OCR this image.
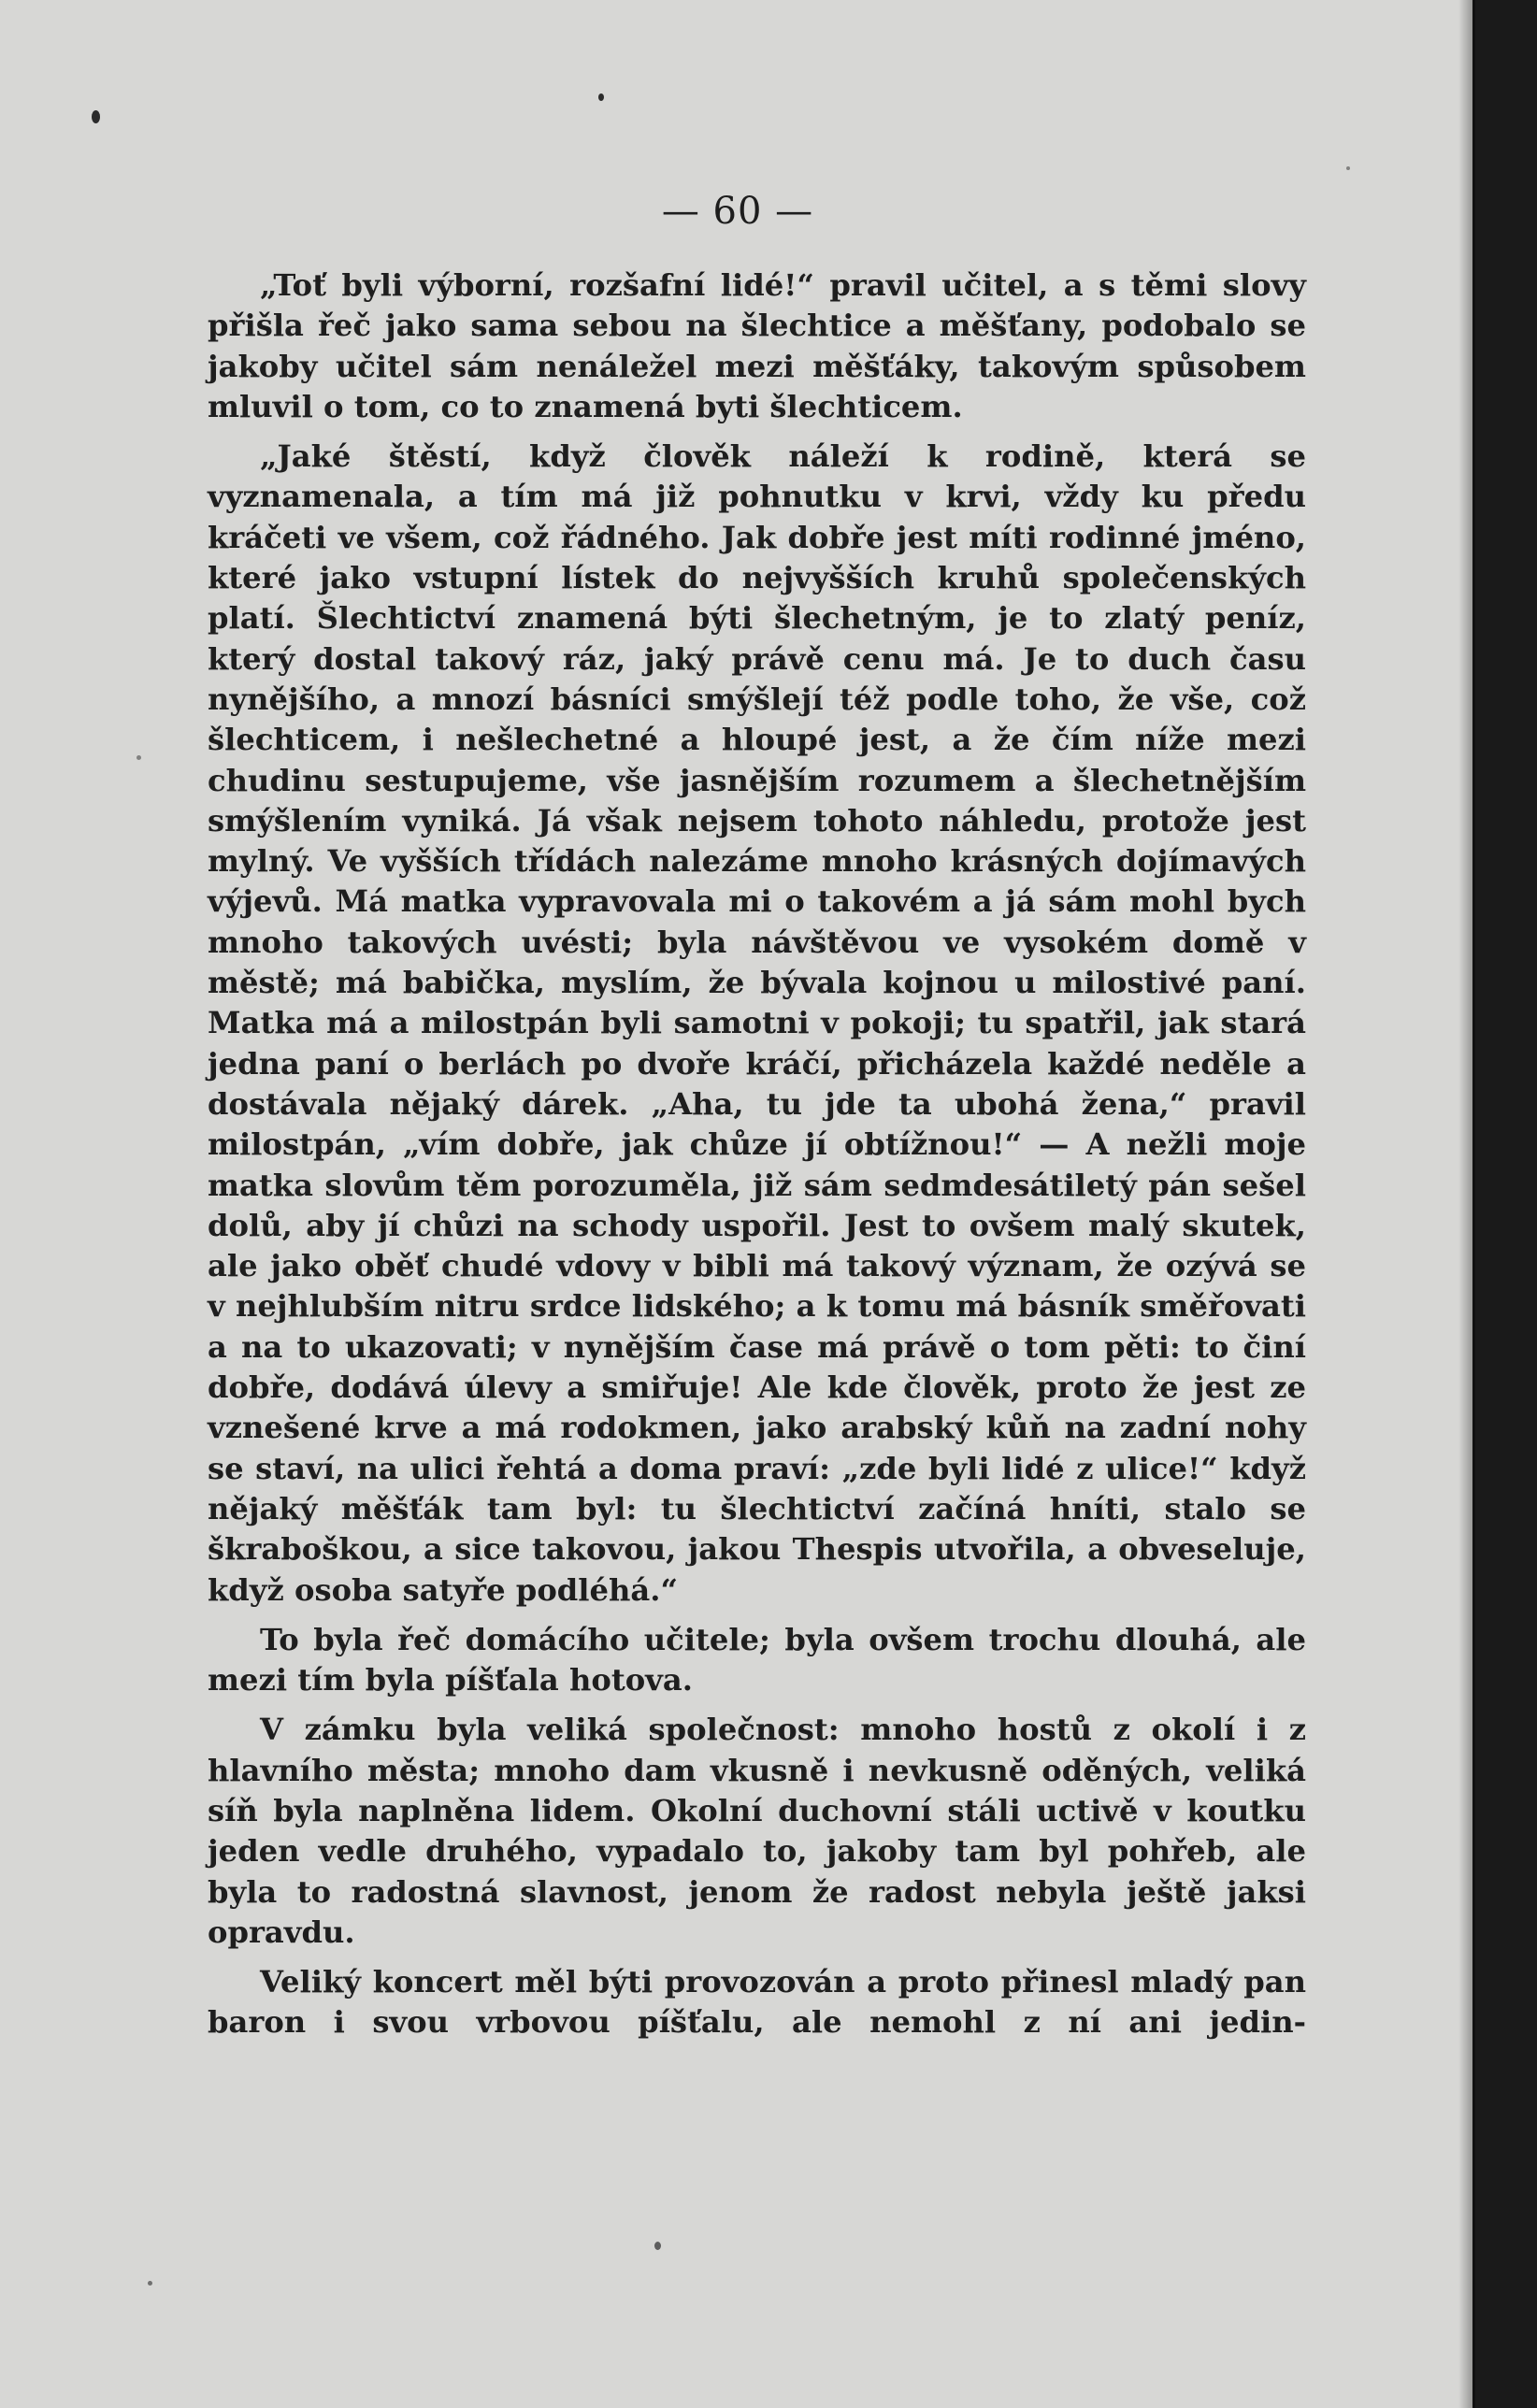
— 60 —

„Toť byli výborní, rozšafní lidé!“ pravil učitel, a s těmi slovy přišla řeč jako sama sebou na šlechtice a měšťany, podobalo se jakoby učitel sám nenáležel mezi měšťáky, takovým spůsobem mluvil o tom, co to znamená byti šlechticem.

„Jaké štěstí, když člověk náleží k rodině, která se vyznamenala, a tím má již pohnutku v krvi, vždy ku předu kráčeti ve všem, což řádného. Jak dobře jest míti rodinné jméno, které jako vstupní lístek do nejvyšších kruhů společenských platí. Šlechtictví znamená býti šlechetným, je to zlatý peníz, který dostal takový ráz, jaký právě cenu má. Je to duch času nynějšího, a mnozí básníci smýšlejí též podle toho, že vše, což šlechticem, i nešlechetné a hloupé jest, a že čím níže mezi chudinu sestupujeme, vše jasnějším rozumem a šlechetnějším smýšlením vyniká. Já však nejsem tohoto náhledu, protože jest mylný. Ve vyšších třídách nalezáme mnoho krásných dojímavých výjevů. Má matka vypravovala mi o takovém a já sám mohl bych mnoho takových uvésti; byla návštěvou ve vysokém domě v městě; má babička, myslím, že bývala kojnou u milostivé paní. Matka má a milostpán byli samotni v pokoji; tu spatřil, jak stará jedna paní o berlách po dvoře kráčí, přicházela každé neděle a dostávala nějaký dárek. „Aha, tu jde ta ubohá žena,“ pravil milostpán, „vím dobře, jak chůze jí obtížnou!“ — A nežli moje matka slovům těm porozuměla, již sám sedmdesátiletý pán sešel dolů, aby jí chůzi na schody uspořil. Jest to ovšem malý skutek, ale jako oběť chudé vdovy v bibli má takový význam, že ozývá se v nejhlubším nitru srdce lidského; a k tomu má básník směřovati a na to ukazovati; v nynějším čase má právě o tom pěti: to činí dobře, dodává úlevy a smiřuje! Ale kde člověk, proto že jest ze vznešené krve a má rodokmen, jako arabský kůň na zadní nohy se staví, na ulici řehtá a doma praví: „zde byli lidé z ulice!“ když nějaký měšťák tam byl: tu šlechtictví začíná hníti, stalo se škraboškou, a sice takovou, jakou Thespis utvořila, a obveseluje, když osoba satyře podléhá.“

To byla řeč domácího učitele; byla ovšem trochu dlouhá, ale mezi tím byla píšťala hotova.

V zámku byla veliká společnost: mnoho hostů z okolí i z hlavního města; mnoho dam vkusně i nevkusně oděných, veliká síň byla naplněna lidem. Okolní duchovní stáli uctivě v koutku jeden vedle druhého, vypadalo to, jakoby tam byl pohřeb, ale byla to radostná slavnost, jenom že radost nebyla ještě jaksi opravdu.

Veliký koncert měl býti provozován a proto přinesl mladý pan baron i svou vrbovou píšťalu, ale nemohl z ní ani jedin-
